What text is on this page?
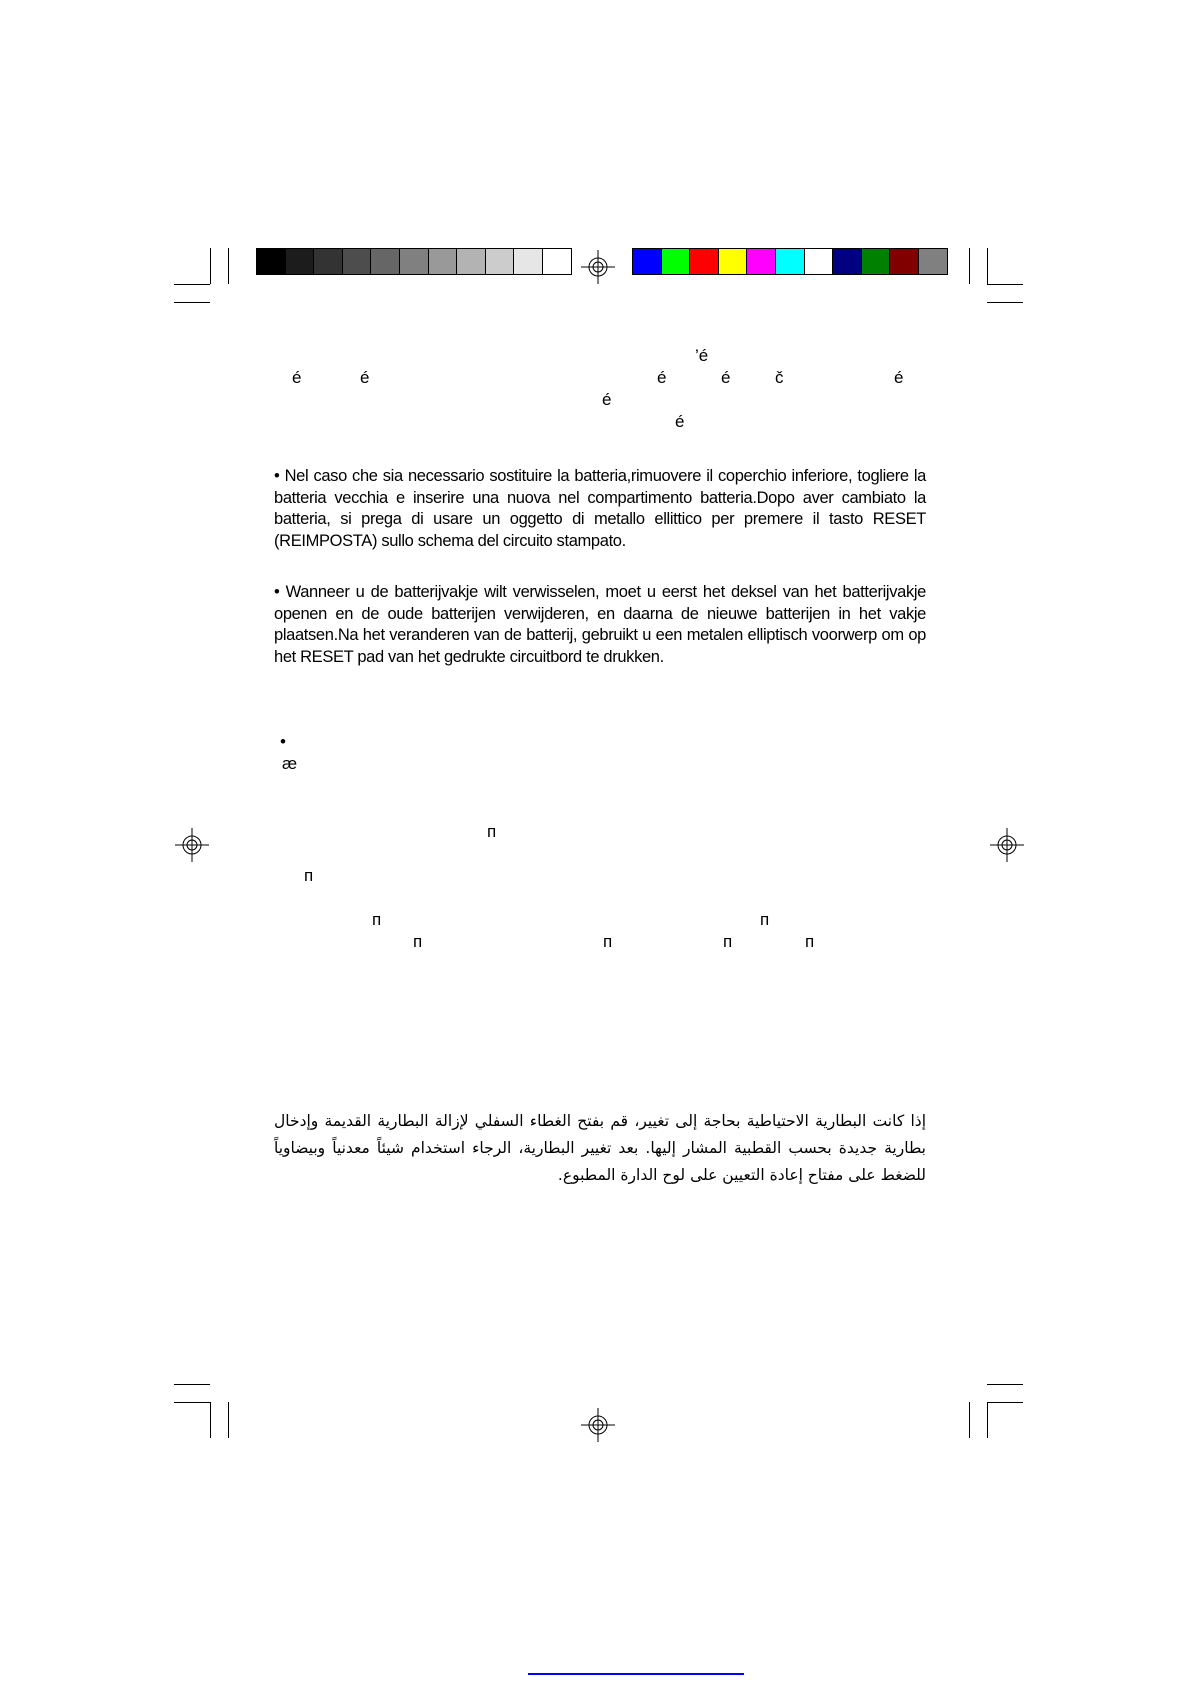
’é
é	é	é	é	č	é
é
é
• Nel caso che sia necessario sostituire la batteria,rimuovere il coperchio inferiore, togliere la batteria vecchia e inserire una nuova nel compartimento batteria.Dopo aver cambiato la batteria, si prega di usare un oggetto di metallo ellittico per premere il tasto RESET (REIMPOSTA) sullo schema del circuito stampato.
• Wanneer u de batterijvakje wilt verwisselen, moet u eerst het deksel van het batterijvakje openen en de oude batterijen verwijderen, en daarna de nieuwe batterijen in het vakje plaatsen.Na het veranderen van de batterij, gebruikt u een metalen elliptisch voorwerp om op het RESET pad van het gedrukte circuitbord te drukken.
•
æ
п
п
п	п
п	п	п	п
إذا كانت البطارية الاحتياطية بحاجة إلى تغيير، قم بفتح الغطاء السفلي لإزالة البطارية القديمة وإدخال بطارية جديدة بحسب القطبية المشار إليها. بعد تغيير البطارية، الرجاء استخدام شيئاً معدنياً وبيضاوياً للضغط على مفتاح إعادة التعيين على لوح الدارة المطبوع.
